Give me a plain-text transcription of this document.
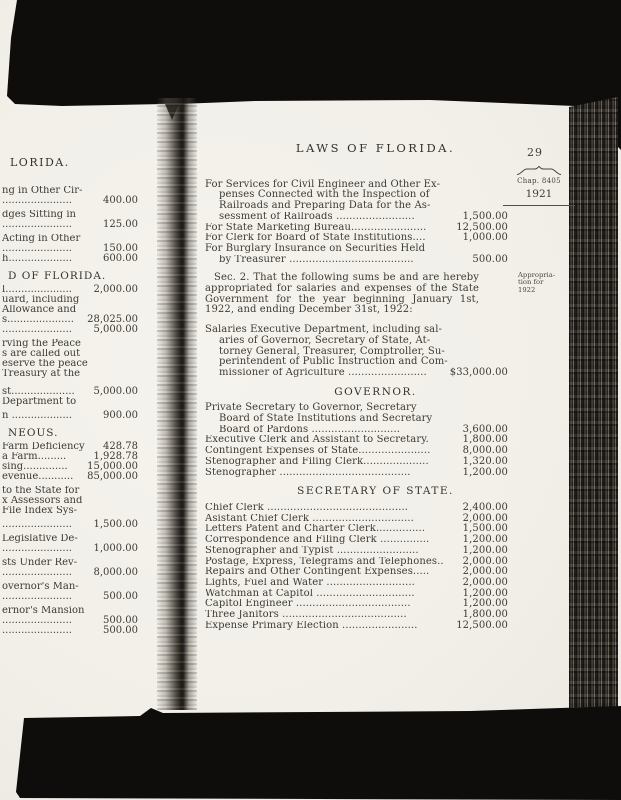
LORIDA.
ng in Other Cir-
......................	400.00
dges Sitting in
......................	125.00
Acting in Other
......................	150.00
h....................	600.00
D OF FLORIDA.
l.....................	2,000.00
uard, including
Allowance and
s.....................	28,025.00
......................	5,000.00
rving the Peace
s are called out
eserve the peace
Treasury at the
st....................	5,000.00
Department to
n ...................	900.00
NEOUS.
Farm Deficiency	428.78
a Farm.........	1,928.78
sing..............	15,000.00
evenue...........	85,000.00
to the State for
x Assessors and
File Index Sys-
......................	1,500.00
Legislative De-
......................	1,000.00
sts Under Rev-
......................	8,000.00
overnor's Man-
......................	500.00
ernor's Mansion
......................	500.00
......................	500.00
LAWS OF FLORIDA.
For Services for Civil Engineer and Other Ex-
penses Connected with the Inspection of
Railroads and Preparing Data for the As-
sessment of Railroads ........................	1,500.00
For State Marketing Bureau.......................	12,500.00
For Clerk for Board of State Institutions....	1,000.00
For Burglary Insurance on Securities Held
by Treasurer ......................................	500.00

Sec. 2. That the following sums be and are hereby appropriated for salaries and expenses of the State Government for the year beginning January 1st, 1922, and ending December 31st, 1922:

Salaries Executive Department, including sal-
aries of Governor, Secretary of State, At-
torney General, Treasurer, Comptroller, Su-
perintendent of Public Instruction and Com-
missioner of Agriculture ........................	$33,000.00
GOVERNOR.
Private Secretary to Governor, Secretary
Board of State Institutions and Secretary
Board of Pardons ...........................	3,600.00
Executive Clerk and Assistant to Secretary.	1,800.00
Contingent Expenses of State......................	8,000.00
Stenographer and Filing Clerk....................	1,320.00
Stenographer ........................................	1,200.00
SECRETARY OF STATE.
Chief Clerk ...........................................	2,400.00
Asistant Chief Clerk ...............................	2,000.00
Letters Patent and Charter Clerk...............	1,500.00
Correspondence and Filing Clerk ...............	1,200.00
Stenographer and Typist .........................	1,200.00
Postage, Express, Telegrams and Telephones..	2,000.00
Repairs and Other Contingent Expenses.....	2,000.00
Lights, Fuel and Water ...........................	2,000.00
Watchman at Capitol ..............................	1,200.00
Capitol Engineer ...................................	1,200.00
Three Janitors ......................................	1,800.00
Expense Primary Election .......................	12,500.00
29
Chap. 8405
1921
Appropria-
tion for
1922
